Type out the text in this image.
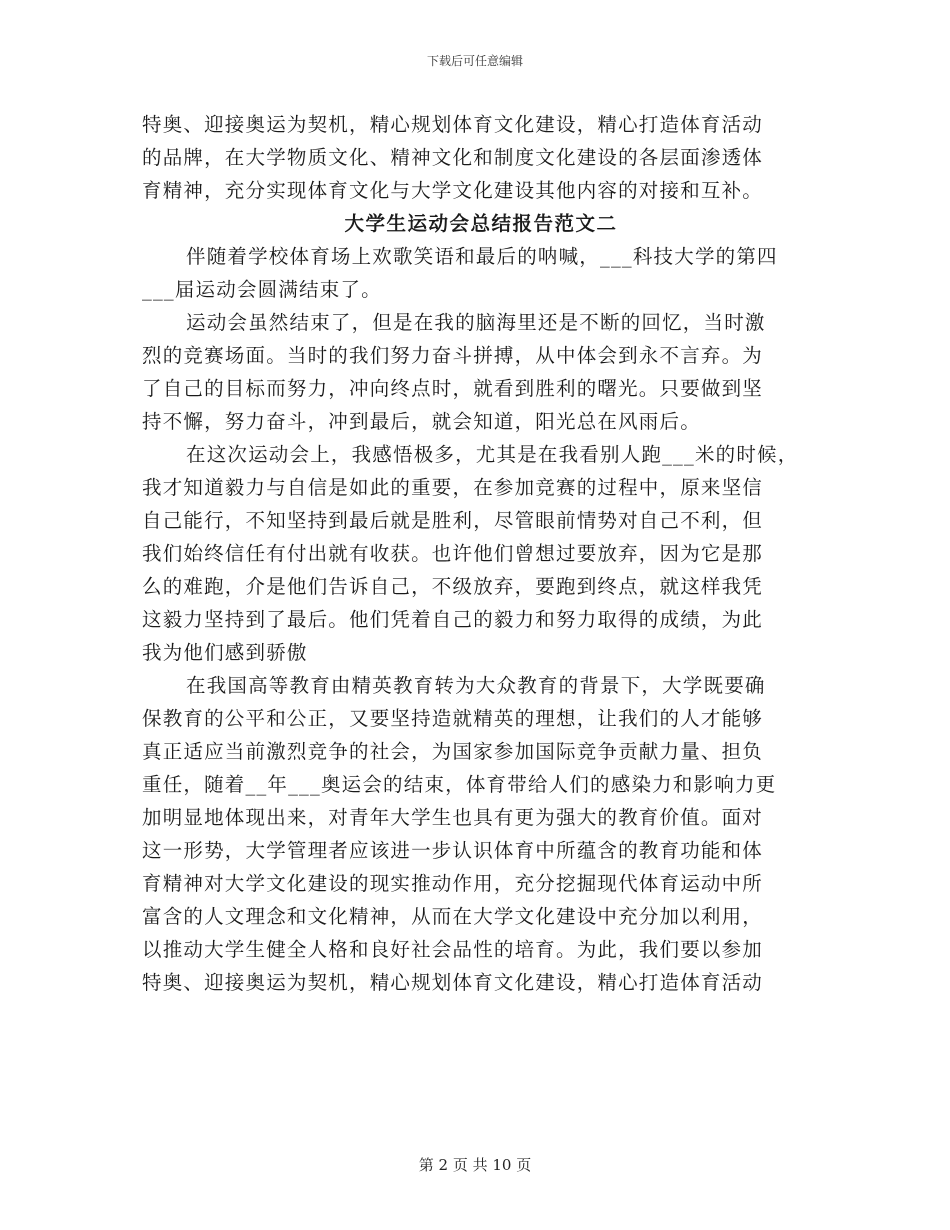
下载后可任意编辑
特奥、迎接奥运为契机，精心规划体育文化建设，精心打造体育活动
的品牌，在大学物质文化、精神文化和制度文化建设的各层面渗透体
育精神，充分实现体育文化与大学文化建设其他内容的对接和互补。
大学生运动会总结报告范文二
伴随着学校体育场上欢歌笑语和最后的呐喊，___科技大学的第四
___届运动会圆满结束了。
运动会虽然结束了，但是在我的脑海里还是不断的回忆，当时激
烈的竞赛场面。当时的我们努力奋斗拼搏，从中体会到永不言弃。为
了自己的目标而努力，冲向终点时，就看到胜利的曙光。只要做到坚
持不懈，努力奋斗，冲到最后，就会知道，阳光总在风雨后。
在这次运动会上，我感悟极多，尤其是在我看别人跑___米的时候，
我才知道毅力与自信是如此的重要，在参加竞赛的过程中，原来坚信
自己能行，不知坚持到最后就是胜利，尽管眼前情势对自己不利，但
我们始终信任有付出就有收获。也许他们曾想过要放弃，因为它是那
么的难跑，介是他们告诉自己，不级放弃，要跑到终点，就这样我凭
这毅力坚持到了最后。他们凭着自己的毅力和努力取得的成绩，为此
我为他们感到骄傲
在我国高等教育由精英教育转为大众教育的背景下，大学既要确
保教育的公平和公正，又要坚持造就精英的理想，让我们的人才能够
真正适应当前激烈竞争的社会，为国家参加国际竞争贡献力量、担负
重任，随着__年___奥运会的结束，体育带给人们的感染力和影响力更
加明显地体现出来，对青年大学生也具有更为强大的教育价值。面对
这一形势，大学管理者应该进一步认识体育中所蕴含的教育功能和体
育精神对大学文化建设的现实推动作用，充分挖掘现代体育运动中所
富含的人文理念和文化精神，从而在大学文化建设中充分加以利用，
以推动大学生健全人格和良好社会品性的培育。为此，我们要以参加
特奥、迎接奥运为契机，精心规划体育文化建设，精心打造体育活动
第 2 页 共 10 页
